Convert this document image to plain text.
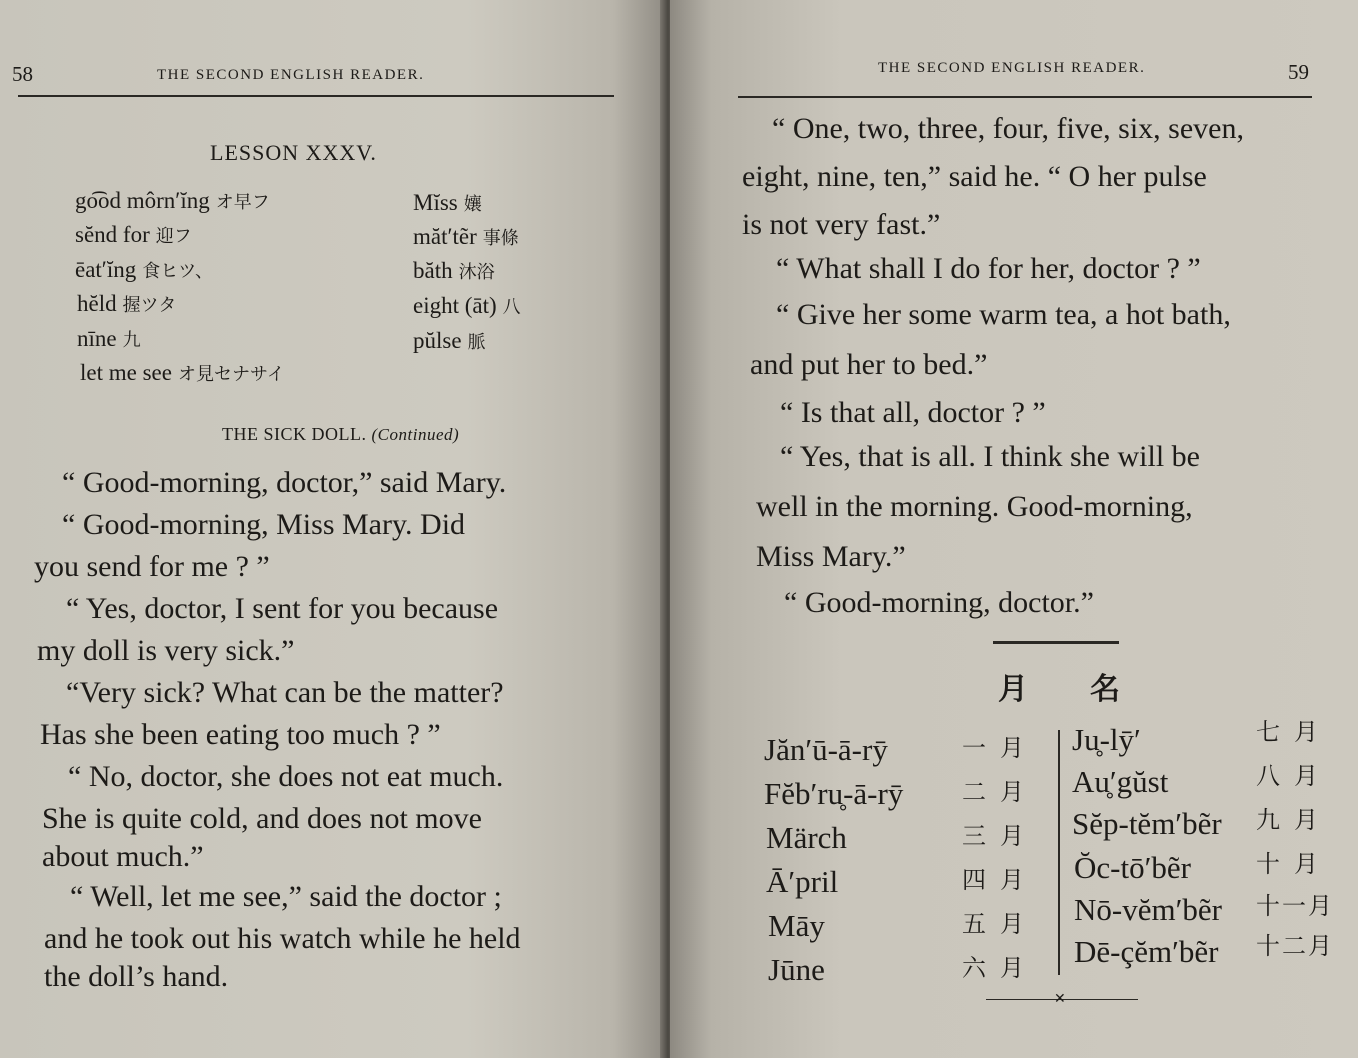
58	THE SECOND ENGLISH READER.
LESSON XXXV.
go͡od môrn′ĭng オ早フ
sĕnd for 迎フ
ēat′ĭng 食ヒツ、
hĕld 握ツタ
nīne 九
let me see オ見セナサイ
Mĭss 孃
măt′tẽr 事條
băth 沐浴
eight (āt) 八
pŭlse 脈
THE SICK DOLL. (Continued)
“ Good-morning, doctor,” said Mary.
“ Good-morning, Miss Mary. Did
you send for me ? ”
“ Yes, doctor, I sent for you because
my doll is very sick.”
“Very sick? What can be the matter?
Has she been eating too much ? ”
“ No, doctor, she does not eat much.
She is quite cold, and does not move
about much.”
“ Well, let me see,” said the doctor ;
and he took out his watch while he held
the doll’s hand.
THE SECOND ENGLISH READER.	59
“ One, two, three, four, five, six, seven,
eight, nine, ten,” said he. “ O her pulse
is not very fast.”
“ What shall I do for her, doctor ? ”
“ Give her some warm tea, a hot bath,
and put her to bed.”
“ Is that all, doctor ? ”
“ Yes, that is all. I think she will be
well in the morning. Good-morning,
Miss Mary.”
“ Good-morning, doctor.”
月名
Jăn′ū-ā-rȳ
Fĕb′ru̥-ā-rȳ
Märch
Ā′pril
Māy
Jūne
一月
二月
三月
四月
五月
六月
Ju̥-lȳ′
Au̥′gŭst
Sĕp-tĕm′bẽr
Ŏc-tō′bẽr
Nō-vĕm′bẽr
Dē-çĕm′bẽr
七月
八月
九月
十月
十一月
十二月
✕
